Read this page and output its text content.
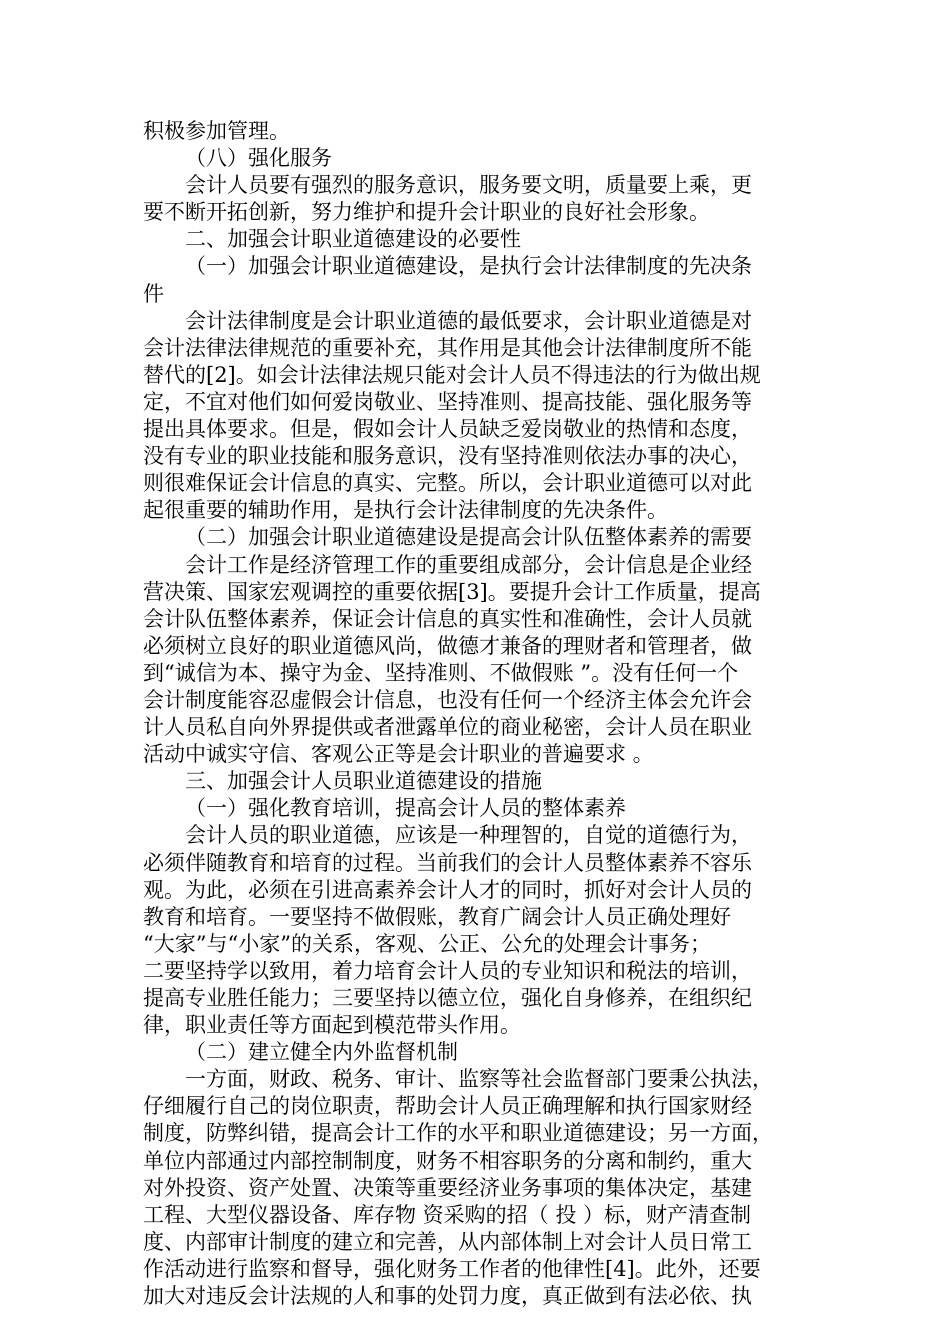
积极参加管理。
（八）强化服务
会计人员要有强烈的服务意识，服务要文明，质量要上乘，更
要不断开拓创新，努力维护和提升会计职业的良好社会形象。
二、加强会计职业道德建设的必要性
（一）加强会计职业道德建设，是执行会计法律制度的先决条
件
会计法律制度是会计职业道德的最低要求，会计职业道德是对
会计法律法律规范的重要补充，其作用是其他会计法律制度所不能
替代的[2]。如会计法律法规只能对会计人员不得违法的行为做出规
定，不宜对他们如何爱岗敬业、坚持准则、提高技能、强化服务等
提出具体要求。但是，假如会计人员缺乏爱岗敬业的热情和态度，
没有专业的职业技能和服务意识，没有坚持准则依法办事的决心，
则很难保证会计信息的真实、完整。所以，会计职业道德可以对此
起很重要的辅助作用，是执行会计法律制度的先决条件。
（二）加强会计职业道德建设是提高会计队伍整体素养的需要
会计工作是经济管理工作的重要组成部分，会计信息是企业经
营决策、国家宏观调控的重要依据[3]。要提升会计工作质量，提高
会计队伍整体素养，保证会计信息的真实性和准确性，会计人员就
必须树立良好的职业道德风尚，做德才兼备的理财者和管理者，做
到“诚信为本、操守为金、坚持准则、不做假账 ”。没有任何一个
会计制度能容忍虚假会计信息，也没有任何一个经济主体会允许会
计人员私自向外界提供或者泄露单位的商业秘密，会计人员在职业
活动中诚实守信、客观公正等是会计职业的普遍要求 。
三、加强会计人员职业道德建设的措施
（一）强化教育培训，提高会计人员的整体素养
会计人员的职业道德，应该是一种理智的，自觉的道德行为，
必须伴随教育和培育的过程。当前我们的会计人员整体素养不容乐
观。为此，必须在引进高素养会计人才的同时，抓好对会计人员的
教育和培育。一要坚持不做假账，教育广阔会计人员正确处理好
“大家”与“小家”的关系，客观、公正、公允的处理会计事务；
二要坚持学以致用，着力培育会计人员的专业知识和税法的培训，
提高专业胜任能力；三要坚持以德立位，强化自身修养，在组织纪
律，职业责任等方面起到模范带头作用。
（二）建立健全内外监督机制
一方面，财政、税务、审计、监察等社会监督部门要秉公执法，
仔细履行自己的岗位职责，帮助会计人员正确理解和执行国家财经
制度，防弊纠错，提高会计工作的水平和职业道德建设；另一方面，
单位内部通过内部控制制度，财务不相容职务的分离和制约，重大
对外投资、资产处置、决策等重要经济业务事项的集体决定，基建
工程、大型仪器设备、库存物 资采购的招（ 投 ）标，财产清查制
度、内部审计制度的建立和完善，从内部体制上对会计人员日常工
作活动进行监察和督导，强化财务工作者的他律性[4]。此外，还要
加大对违反会计法规的人和事的处罚力度，真正做到有法必依、执
